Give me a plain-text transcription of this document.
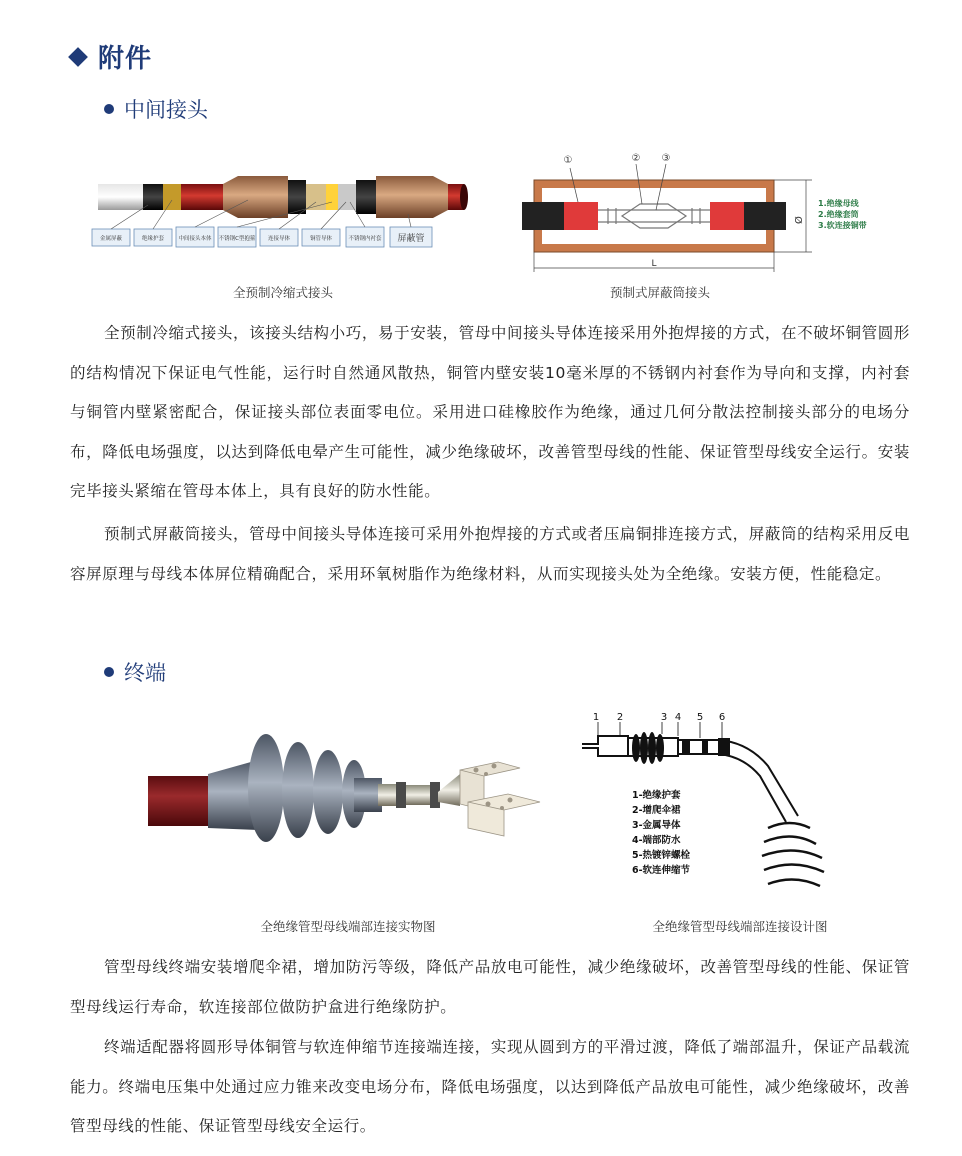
附件
中间接头
金属屏蔽	绝缘护套	中间接头本体 不锈钢C型抱箍 连接导体	铜管导体	不锈钢内衬套 屏蔽管
全预制冷缩式接头
①	② ③
L
Ø
1.绝缘母线
2.绝缘套筒
3.软连接铜带
预制式屏蔽筒接头

全预制冷缩式接头，该接头结构小巧，易于安装，管母中间接头导体连接采用外抱焊接的方式，在不破坏铜管圆形的结构情况下保证电气性能，运行时自然通风散热，铜管内壁安装10毫米厚的不锈钢内衬套作为导向和支撑，内衬套与铜管内壁紧密配合，保证接头部位表面零电位。采用进口硅橡胶作为绝缘，通过几何分散法控制接头部分的电场分布，降低电场强度，以达到降低电晕产生可能性，减少绝缘破坏，改善管型母线的性能、保证管型母线安全运行。安装完毕接头紧缩在管母本体上，具有良好的防水性能。

预制式屏蔽筒接头，管母中间接头导体连接可采用外抱焊接的方式或者压扁铜排连接方式，屏蔽筒的结构采用反电容屏原理与母线本体屏位精确配合，采用环氧树脂作为绝缘材料，从而实现接头处为全绝缘。安装方便，性能稳定。

终端
全绝缘管型母线端部连接实物图
1 2	3 4 5 6
1-绝缘护套
2-增爬伞裙
3-金属导体
4-端部防水
5-热镀锌螺栓
6-软连伸缩节
全绝缘管型母线端部连接设计图

管型母线终端安装增爬伞裙，增加防污等级，降低产品放电可能性，减少绝缘破坏，改善管型母线的性能、保证管型母线运行寿命，软连接部位做防护盒进行绝缘防护。

终端适配器将圆形导体铜管与软连伸缩节连接端连接，实现从圆到方的平滑过渡，降低了端部温升，保证产品载流能力。终端电压集中处通过应力锥来改变电场分布，降低电场强度，以达到降低产品放电可能性，减少绝缘破坏，改善管型母线的性能、保证管型母线安全运行。
